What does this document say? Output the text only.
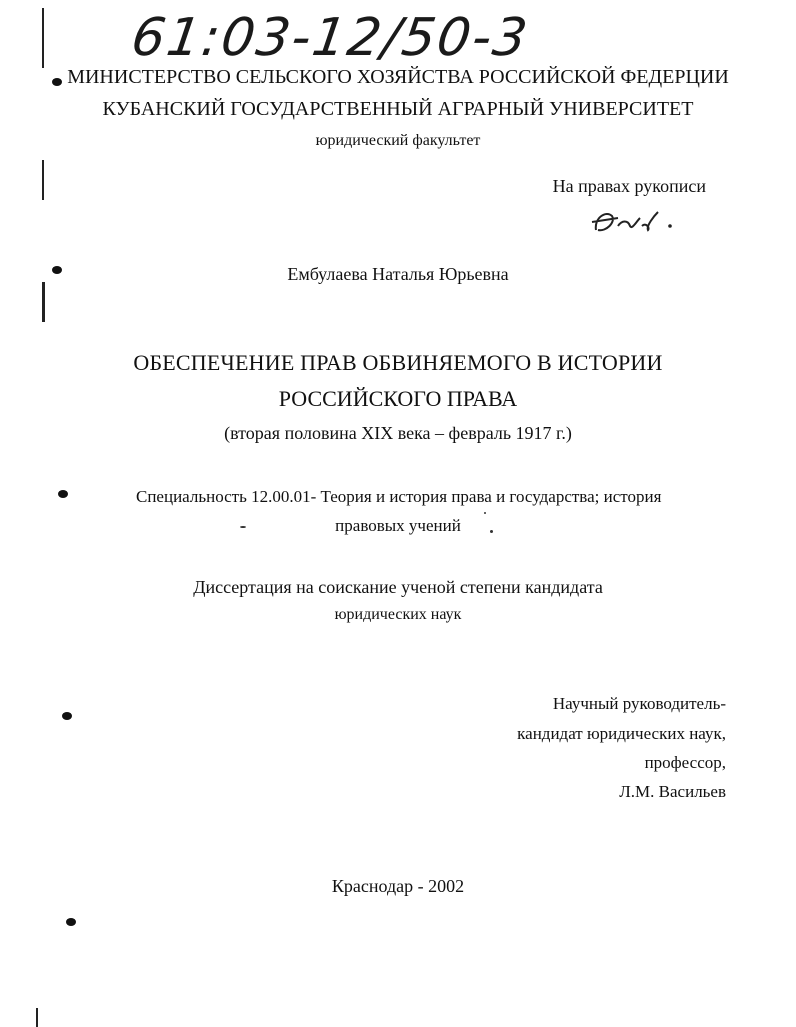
61:03-12/50-3
МИНИСТЕРСТВО СЕЛЬСКОГО ХОЗЯЙСТВА РОССИЙСКОЙ ФЕДЕРЦИИ
КУБАНСКИЙ ГОСУДАРСТВЕННЫЙ АГРАРНЫЙ УНИВЕРСИТЕТ
юридический факультет
На правах рукописи
Ембулаева Наталья Юрьевна
ОБЕСПЕЧЕНИЕ ПРАВ ОБВИНЯЕМОГО В ИСТОРИИ
РОССИЙСКОГО ПРАВА
(вторая половина XIX века – февраль 1917 г.)
Специальность 12.00.01- Теория и история права и государства; история
правовых учений
Диссертация на соискание ученой степени кандидата
юридических наук
Научный руководитель-
кандидат юридических наук,
профессор,
Л.М. Васильев
Краснодар - 2002
